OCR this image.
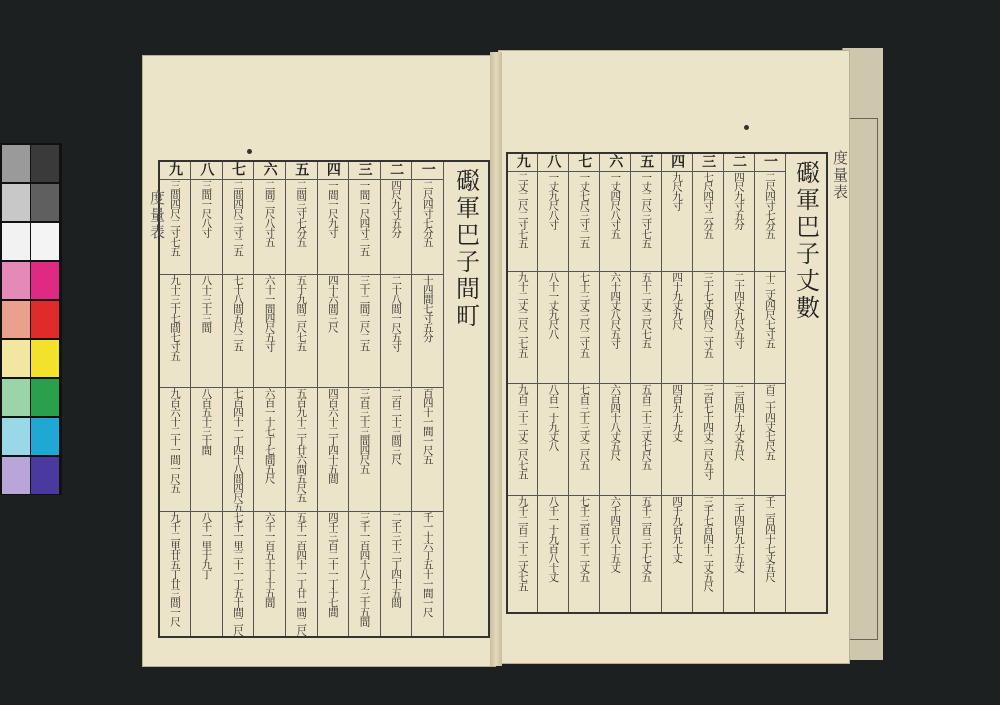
九	八	七	六	五	四	三	二	一	礟軍巴子間町

三間四尺二寸七五	三間一尺八寸	二間四尺三寸二五	二間二尺八寸五	二間三寸七分五	一間一尺九寸	一間一尺四寸二五	四尺九寸五分	二尺四寸七分五	

九十三十七間七寸五	八十三十三間	七十八間五尺二五	六十一間四尺五寸	五十九間二尺七五	四十六間三尺	三十二間二尺二五	二十八間一尺五寸	十四間七寸五分	

九百六十二十一間一尺五	八百五十三十間	七百四十一丁四十八間四尺五	六百一十七丁七間五尺	五百九十二丁廿六間五尺五	四百六十二丁四十五間	三百三十三間四尺五	二百二十三間三尺	百四十一間一尺五	

九千二里廿五丁廿三間一尺	八千一里十九丁	七千一里二十一丁五十間二尺	六千一百五十丁十五間	五千一百四十一丁廿一間二尺	四千三百二十一丁十七間	三千一百四十八丁三十五間	二千三十二丁四十五間	千一十六丁五十一間一尺	
度量表
九	八	七	六	五	四	三	二	一	礟軍巴子丈數

二丈二尺二寸七五	一丈九尺八寸	一丈七尺三寸二五	一丈四尺八寸五	一丈二尺三寸七五	九尺九寸	七尺四寸二分五	四尺九寸五分	二尺四寸七分五	

九十二丈二尺二七五	八十一丈九尺八	七十三丈三尺二寸五	六十四丈八尺五寸	五十二丈三尺七五	四十九丈九尺	三十七丈四尺二寸五	二十四丈九尺五寸	十二丈四尺七寸五	

九百二十二丈二尺七五	八百一十九丈八	七百三十三丈二尺五	六百四十八丈五尺	五百二十三丈七尺五	四百九十九丈	三百七十四丈二尺五寸	二百四十九丈五尺	百二十四丈七尺五	

九千二百二十二丈七五	八千一十九百八十丈	七千三百三十二丈五	六千四百八十五丈	五千二百三十七丈五	四千九百九十丈	三千七百四十二丈五尺	二千四百九十五丈	千二百四十七丈五尺	
度量表
